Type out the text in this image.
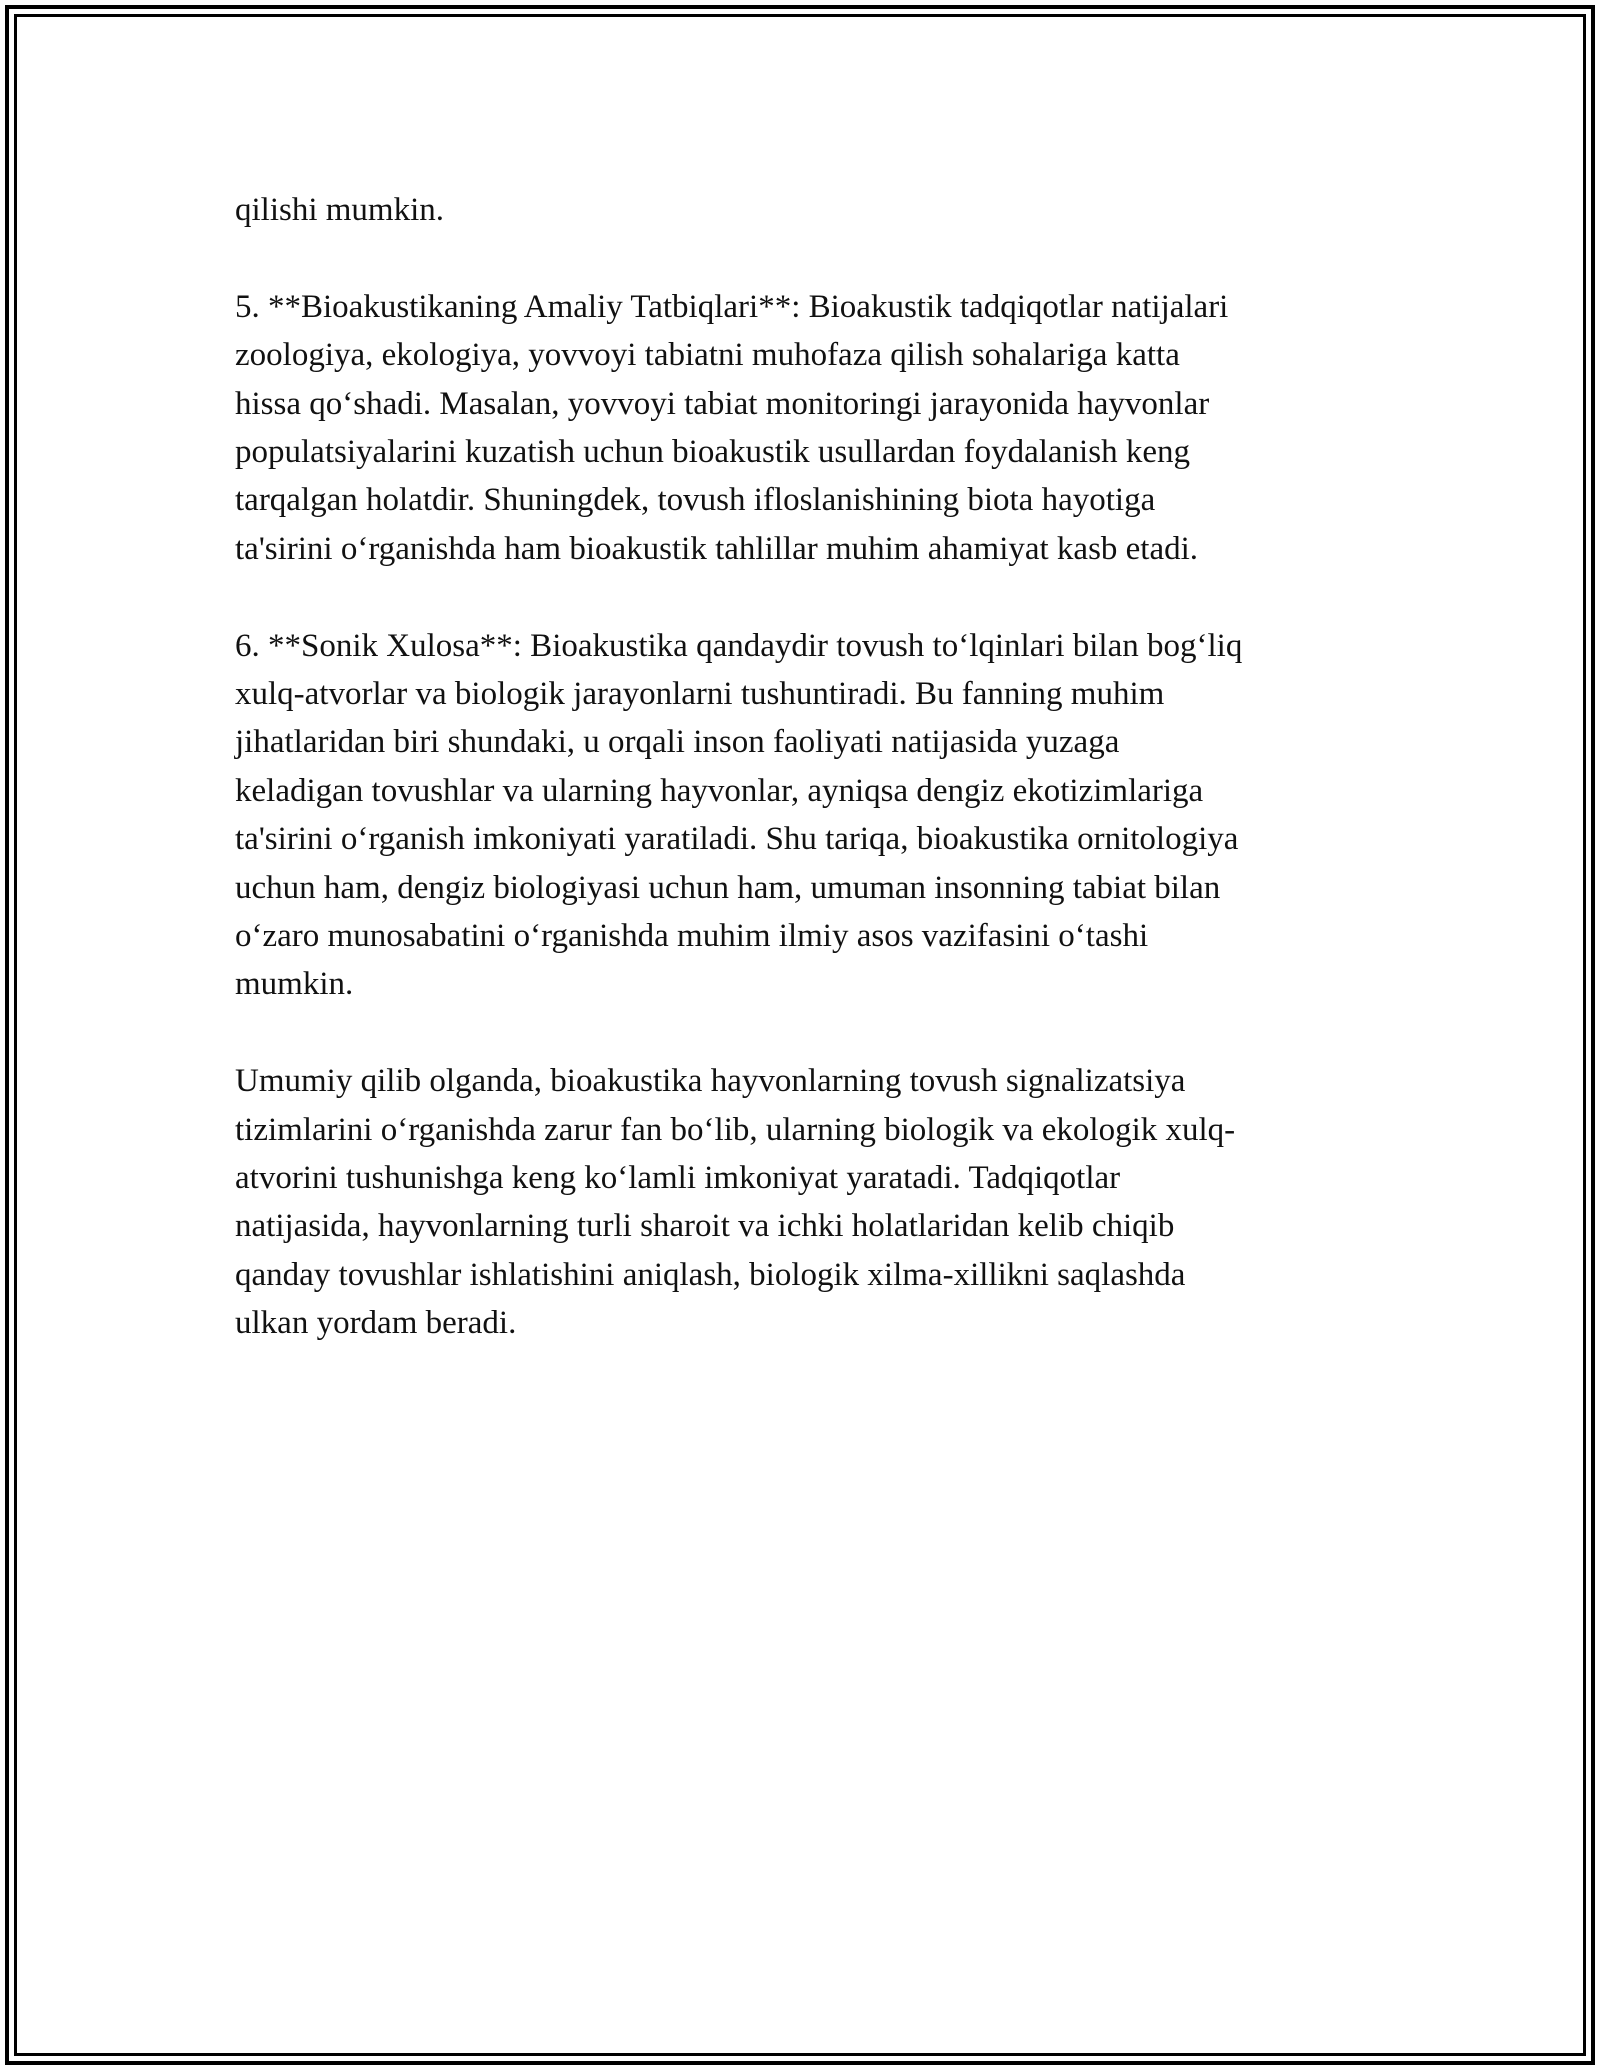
qilishi mumkin.

5. **Bioakustikaning Amaliy Tatbiqlari**: Bioakustik tadqiqotlar natijalari
zoologiya, ekologiya, yovvoyi tabiatni muhofaza qilish sohalariga katta
hissa qo‘shadi. Masalan, yovvoyi tabiat monitoringi jarayonida hayvonlar
populatsiyalarini kuzatish uchun bioakustik usullardan foydalanish keng
tarqalgan holatdir. Shuningdek, tovush ifloslanishining biota hayotiga
ta'sirini o‘rganishda ham bioakustik tahlillar muhim ahamiyat kasb etadi.

6. **Sonik Xulosa**: Bioakustika qandaydir tovush to‘lqinlari bilan bog‘liq
xulq-atvorlar va biologik jarayonlarni tushuntiradi. Bu fanning muhim
jihatlaridan biri shundaki, u orqali inson faoliyati natijasida yuzaga
keladigan tovushlar va ularning hayvonlar, ayniqsa dengiz ekotizimlariga
ta'sirini o‘rganish imkoniyati yaratiladi. Shu tariqa, bioakustika ornitologiya
uchun ham, dengiz biologiyasi uchun ham, umuman insonning tabiat bilan
o‘zaro munosabatini o‘rganishda muhim ilmiy asos vazifasini o‘tashi
mumkin.

Umumiy qilib olganda, bioakustika hayvonlarning tovush signalizatsiya
tizimlarini o‘rganishda zarur fan bo‘lib, ularning biologik va ekologik xulq-
atvorini tushunishga keng ko‘lamli imkoniyat yaratadi. Tadqiqotlar
natijasida, hayvonlarning turli sharoit va ichki holatlaridan kelib chiqib
qanday tovushlar ishlatishini aniqlash, biologik xilma-xillikni saqlashda
ulkan yordam beradi.
